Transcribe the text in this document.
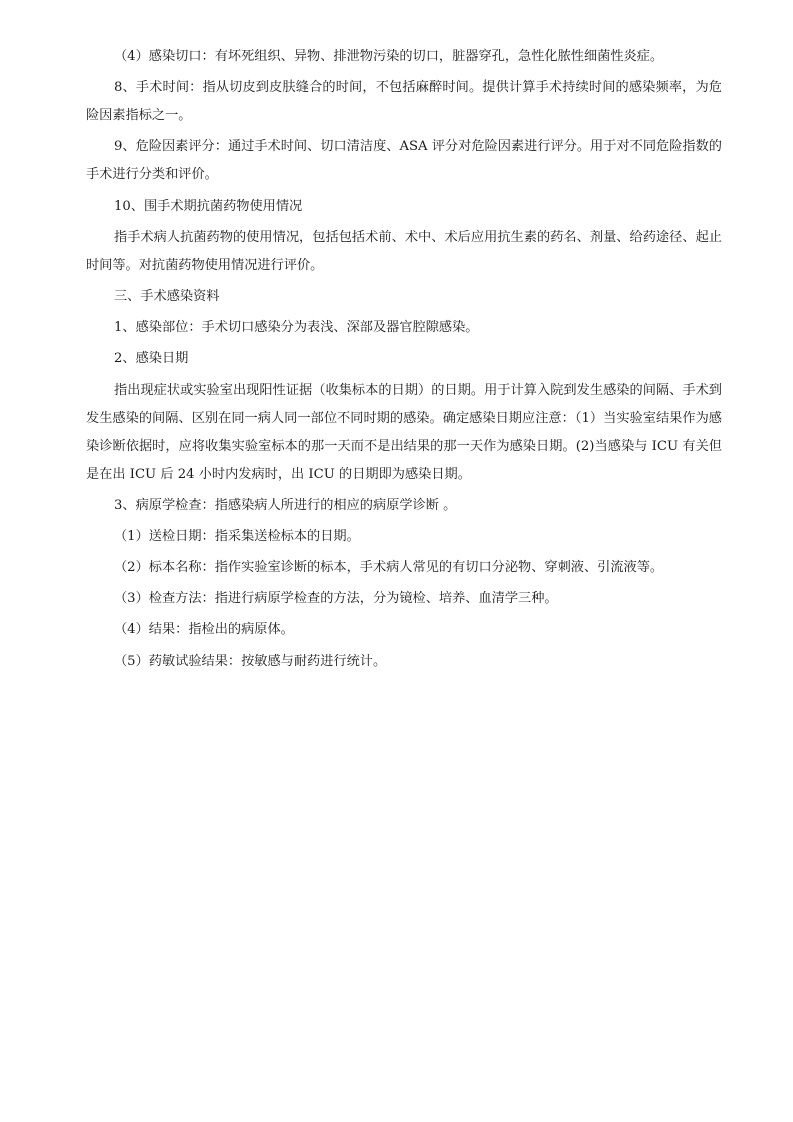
（4）感染切口：有坏死组织、异物、排泄物污染的切口，脏器穿孔，急性化脓性细菌性炎症。

8、手术时间：指从切皮到皮肤缝合的时间，不包括麻醉时间。提供计算手术持续时间的感染频率，为危险因素指标之一。

9、危险因素评分：通过手术时间、切口清洁度、ASA 评分对危险因素进行评分。用于对不同危险指数的手术进行分类和评价。

10、围手术期抗菌药物使用情况

指手术病人抗菌药物的使用情况，包括包括术前、术中、术后应用抗生素的药名、剂量、给药途径、起止时间等。对抗菌药物使用情况进行评价。

三、手术感染资料

1、感染部位：手术切口感染分为表浅、深部及器官腔隙感染。

2、感染日期

指出现症状或实验室出现阳性证据（收集标本的日期）的日期。用于计算入院到发生感染的间隔、手术到发生感染的间隔、区别在同一病人同一部位不同时期的感染。确定感染日期应注意：（1）当实验室结果作为感染诊断依据时，应将收集实验室标本的那一天而不是出结果的那一天作为感染日期。(2)当感染与 ICU 有关但是在出 ICU 后 24 小时内发病时，出 ICU 的日期即为感染日期。

3、病原学检查：指感染病人所进行的相应的病原学诊断 。

（1）送检日期：指采集送检标本的日期。

（2）标本名称：指作实验室诊断的标本，手术病人常见的有切口分泌物、穿刺液、引流液等。

（3）检查方法：指进行病原学检查的方法，分为镜检、培养、血清学三种。

（4）结果：指检出的病原体。

（5）药敏试验结果：按敏感与耐药进行统计。
